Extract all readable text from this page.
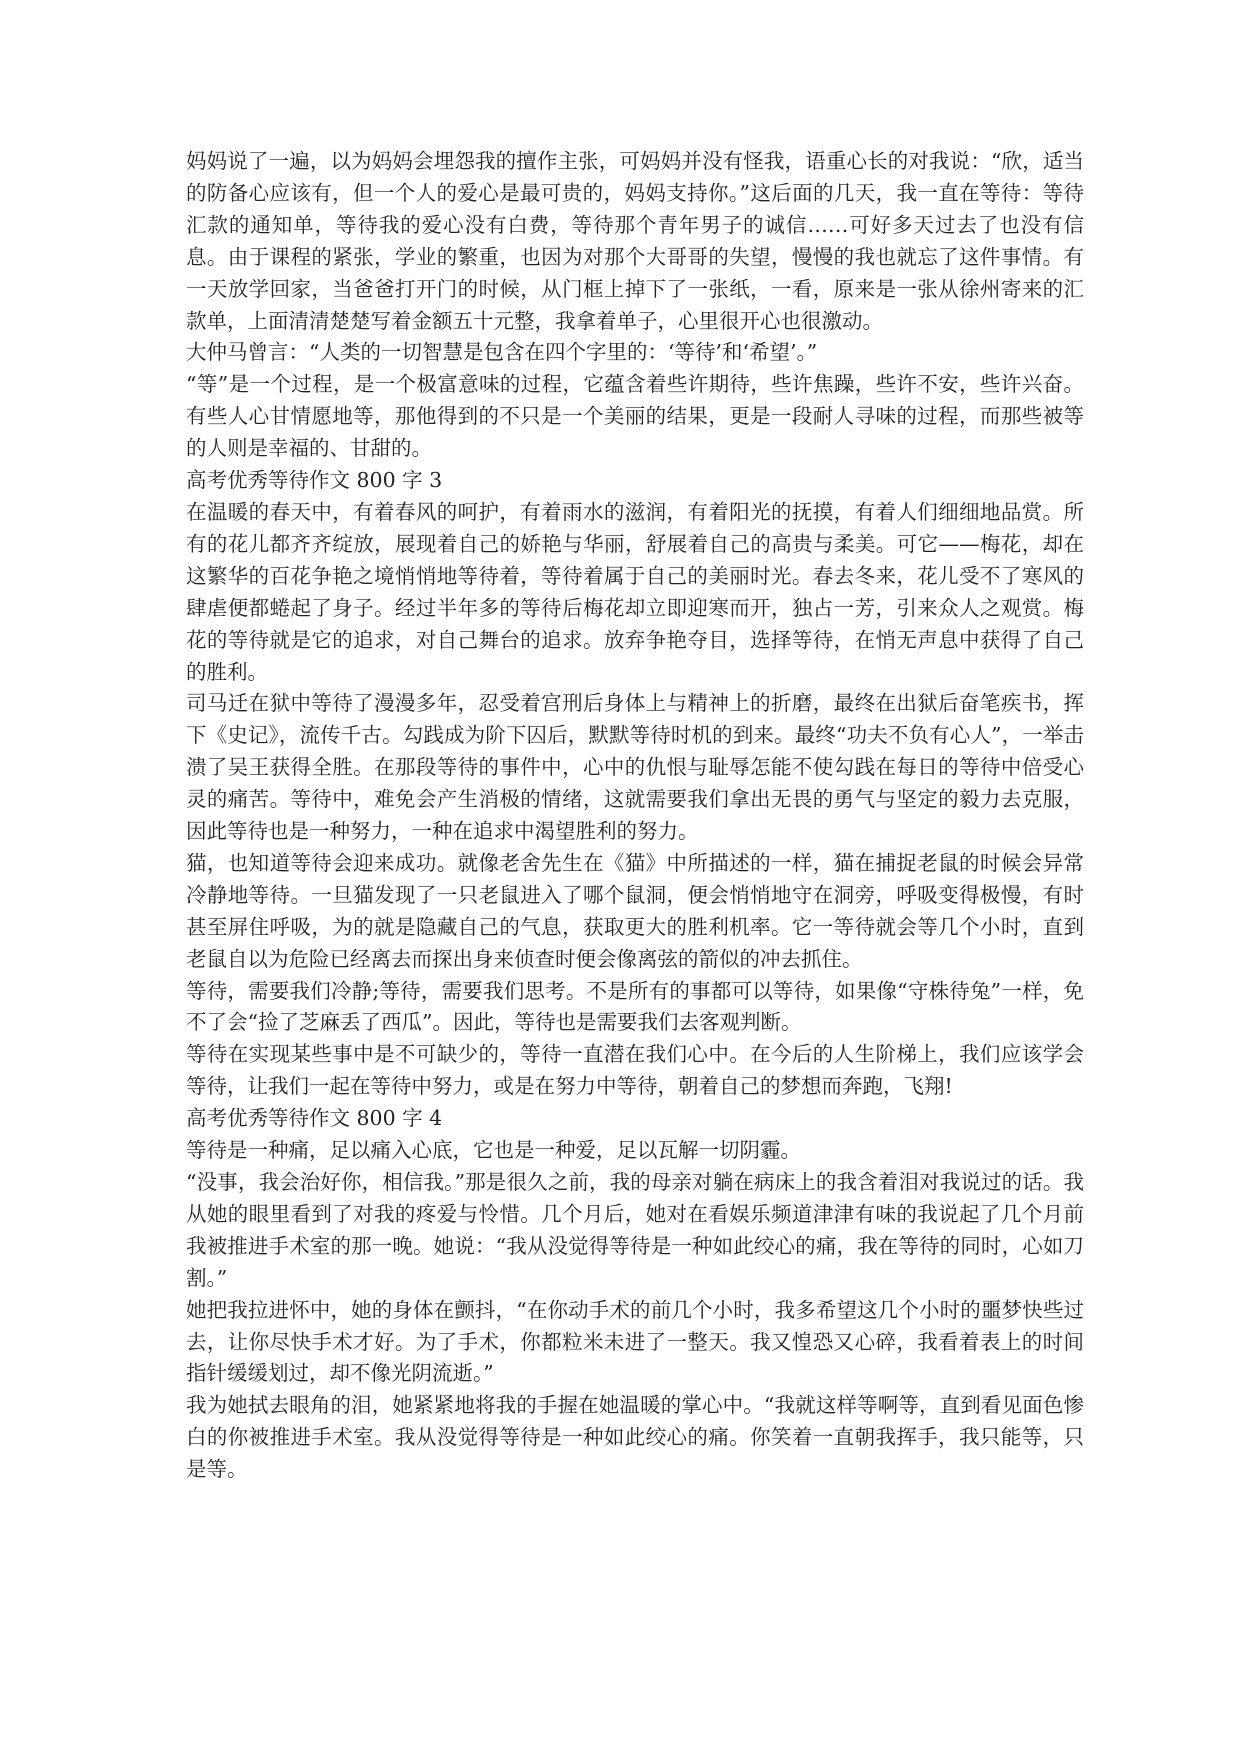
妈妈说了一遍，以为妈妈会埋怨我的擅作主张，可妈妈并没有怪我，语重心长的对我说：“欣，适当的防备心应该有，但一个人的爱心是最可贵的，妈妈支持你。”这后面的几天，我一直在等待：等待汇款的通知单，等待我的爱心没有白费，等待那个青年男子的诚信……可好多天过去了也没有信息。由于课程的紧张，学业的繁重，也因为对那个大哥哥的失望，慢慢的我也就忘了这件事情。有一天放学回家，当爸爸打开门的时候，从门框上掉下了一张纸，一看，原来是一张从徐州寄来的汇款单，上面清清楚楚写着金额五十元整，我拿着单子，心里很开心也很激动。

大仲马曾言：“人类的一切智慧是包含在四个字里的：‘等待’和‘希望’。”

“等”是一个过程，是一个极富意味的过程，它蕴含着些许期待，些许焦躁，些许不安，些许兴奋。有些人心甘情愿地等，那他得到的不只是一个美丽的结果，更是一段耐人寻味的过程，而那些被等的人则是幸福的、甘甜的。

高考优秀等待作文 800 字 3

在温暖的春天中，有着春风的呵护，有着雨水的滋润，有着阳光的抚摸，有着人们细细地品赏。所有的花儿都齐齐绽放，展现着自己的娇艳与华丽，舒展着自己的高贵与柔美。可它——梅花，却在这繁华的百花争艳之境悄悄地等待着，等待着属于自己的美丽时光。春去冬来，花儿受不了寒风的肆虐便都蜷起了身子。经过半年多的等待后梅花却立即迎寒而开，独占一芳，引来众人之观赏。梅花的等待就是它的追求，对自己舞台的追求。放弃争艳夺目，选择等待，在悄无声息中获得了自己的胜利。

司马迁在狱中等待了漫漫多年，忍受着宫刑后身体上与精神上的折磨，最终在出狱后奋笔疾书，挥下《史记》，流传千古。勾践成为阶下囚后，默默等待时机的到来。最终“功夫不负有心人”，一举击溃了吴王获得全胜。在那段等待的事件中，心中的仇恨与耻辱怎能不使勾践在每日的等待中倍受心灵的痛苦。等待中，难免会产生消极的情绪，这就需要我们拿出无畏的勇气与坚定的毅力去克服，因此等待也是一种努力，一种在追求中渴望胜利的努力。

猫，也知道等待会迎来成功。就像老舍先生在《猫》中所描述的一样，猫在捕捉老鼠的时候会异常冷静地等待。一旦猫发现了一只老鼠进入了哪个鼠洞，便会悄悄地守在洞旁，呼吸变得极慢，有时甚至屏住呼吸，为的就是隐藏自己的气息，获取更大的胜利机率。它一等待就会等几个小时，直到老鼠自以为危险已经离去而探出身来侦查时便会像离弦的箭似的冲去抓住。

等待，需要我们冷静;等待，需要我们思考。不是所有的事都可以等待，如果像“守株待兔”一样，免不了会“捡了芝麻丢了西瓜”。因此，等待也是需要我们去客观判断。

等待在实现某些事中是不可缺少的，等待一直潜在我们心中。在今后的人生阶梯上，我们应该学会等待，让我们一起在等待中努力，或是在努力中等待，朝着自己的梦想而奔跑，飞翔!

高考优秀等待作文 800 字 4

等待是一种痛，足以痛入心底，它也是一种爱，足以瓦解一切阴霾。

“没事，我会治好你，相信我。”那是很久之前，我的母亲对躺在病床上的我含着泪对我说过的话。我从她的眼里看到了对我的疼爱与怜惜。几个月后，她对在看娱乐频道津津有味的我说起了几个月前我被推进手术室的那一晚。她说：“我从没觉得等待是一种如此绞心的痛，我在等待的同时，心如刀割。”

她把我拉进怀中，她的身体在颤抖，“在你动手术的前几个小时，我多希望这几个小时的噩梦快些过去，让你尽快手术才好。为了手术，你都粒米未进了一整天。我又惶恐又心碎，我看着表上的时间指针缓缓划过，却不像光阴流逝。”

我为她拭去眼角的泪，她紧紧地将我的手握在她温暖的掌心中。“我就这样等啊等，直到看见面色惨白的你被推进手术室。我从没觉得等待是一种如此绞心的痛。你笑着一直朝我挥手，我只能等，只是等。
